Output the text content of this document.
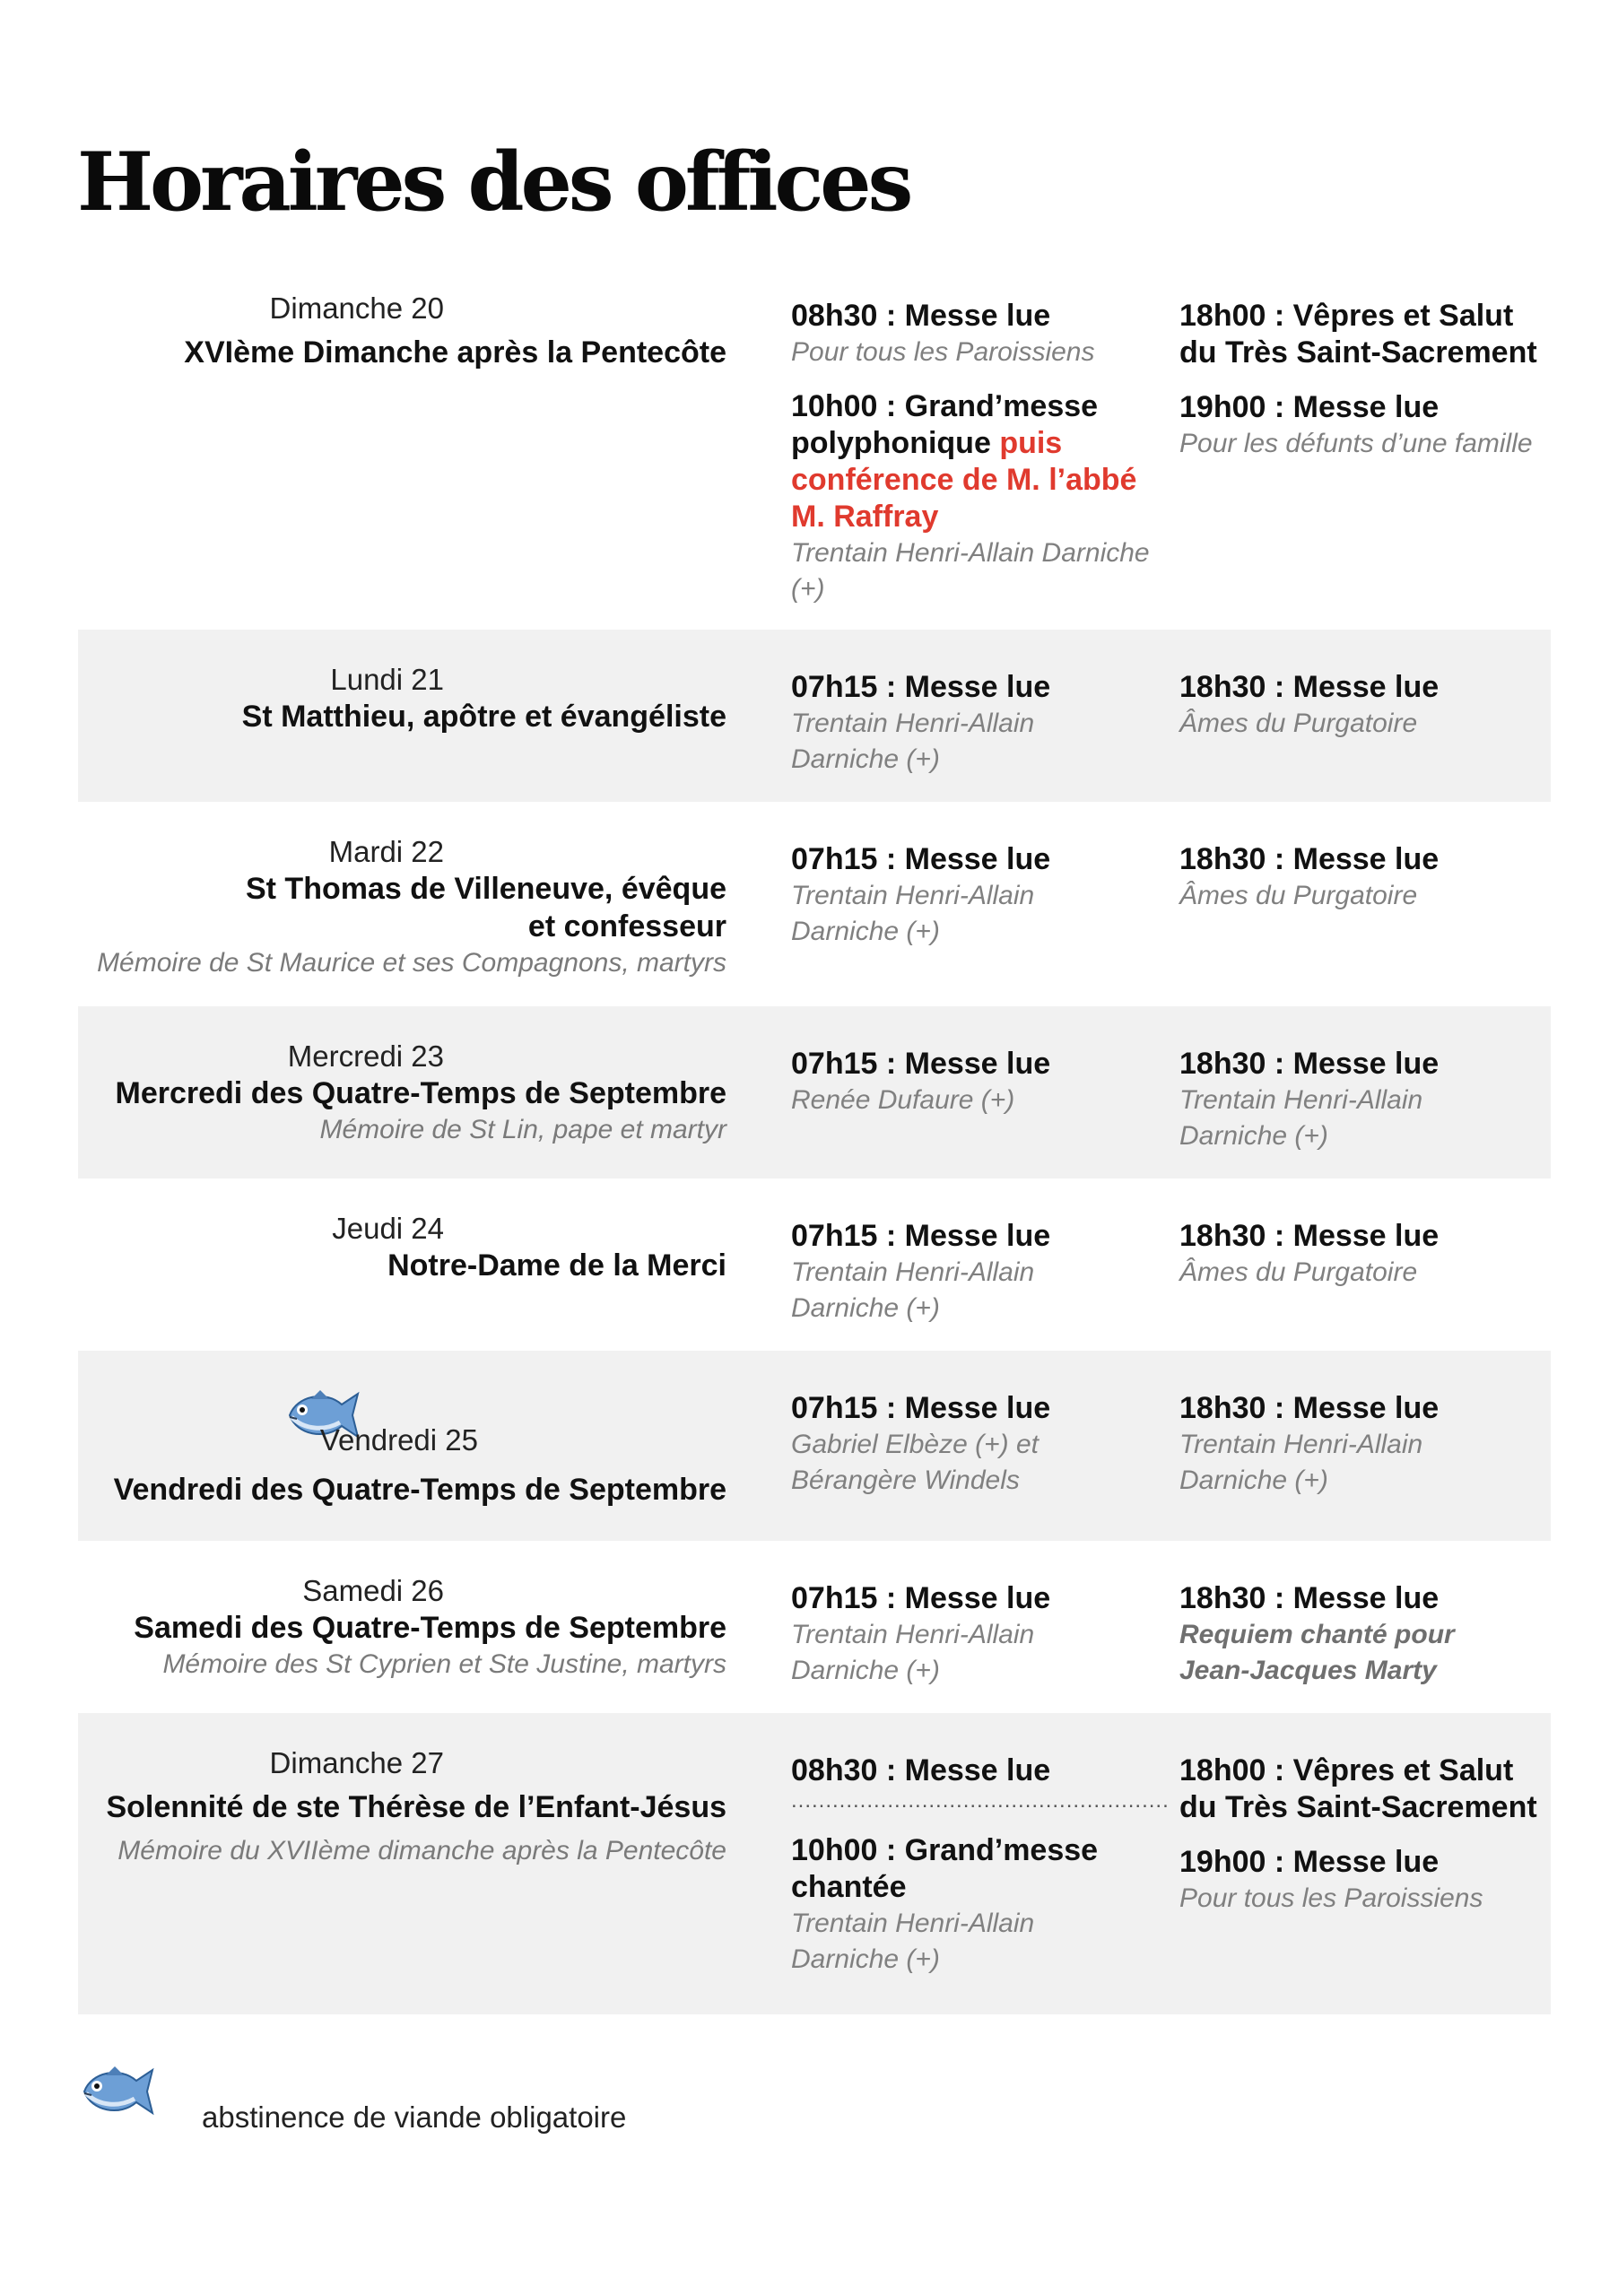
Horaires des offices
Dimanche 20
XVIème Dimanche après la Pentecôte
08h30 : Messe lue
Pour tous les Paroissiens
10h00 : Grand’messe polyphonique puis conférence de M. l’abbé M. Raffray
Trentain Henri-Allain Darniche (+)
18h00 : Vêpres et Salut du Très Saint-Sacrement
19h00 : Messe lue
Pour les défunts d’une famille
Lundi 21
St Matthieu, apôtre et évangéliste
07h15 : Messe lue
Trentain Henri-Allain Darniche (+)
18h30 : Messe lue
Âmes du Purgatoire
Mardi 22
St Thomas de Villeneuve, évêque et confesseur
Mémoire de St Maurice et ses Compagnons, martyrs
07h15 : Messe lue
Trentain Henri-Allain Darniche (+)
18h30 : Messe lue
Âmes du Purgatoire
Mercredi 23
Mercredi des Quatre-Temps de Septembre
Mémoire de St Lin, pape et martyr
07h15 : Messe lue
Renée Dufaure (+)
18h30 : Messe lue
Trentain Henri-Allain Darniche (+)
Jeudi 24
Notre-Dame de la Merci
07h15 : Messe lue
Trentain Henri-Allain Darniche (+)
18h30 : Messe lue
Âmes du Purgatoire
Vendredi 25
Vendredi des Quatre-Temps de Septembre
07h15 : Messe lue
Gabriel Elbèze (+) et Bérangère Windels
18h30 : Messe lue
Trentain Henri-Allain Darniche (+)
Samedi 26
Samedi des Quatre-Temps de Septembre
Mémoire des St Cyprien et Ste Justine, martyrs
07h15 : Messe lue
Trentain Henri-Allain Darniche (+)
18h30 : Messe lue
Requiem chanté pour Jean-Jacques Marty
Dimanche 27
Solennité de ste Thérèse de l’Enfant-Jésus
Mémoire du XVIIème dimanche après la Pentecôte
08h30 : Messe lue
.......................................................
10h00 : Grand’messe chantée
Trentain Henri-Allain Darniche (+)
18h00 : Vêpres et Salut du Très Saint-Sacrement
19h00 : Messe lue
Pour tous les Paroissiens
abstinence de viande obligatoire
